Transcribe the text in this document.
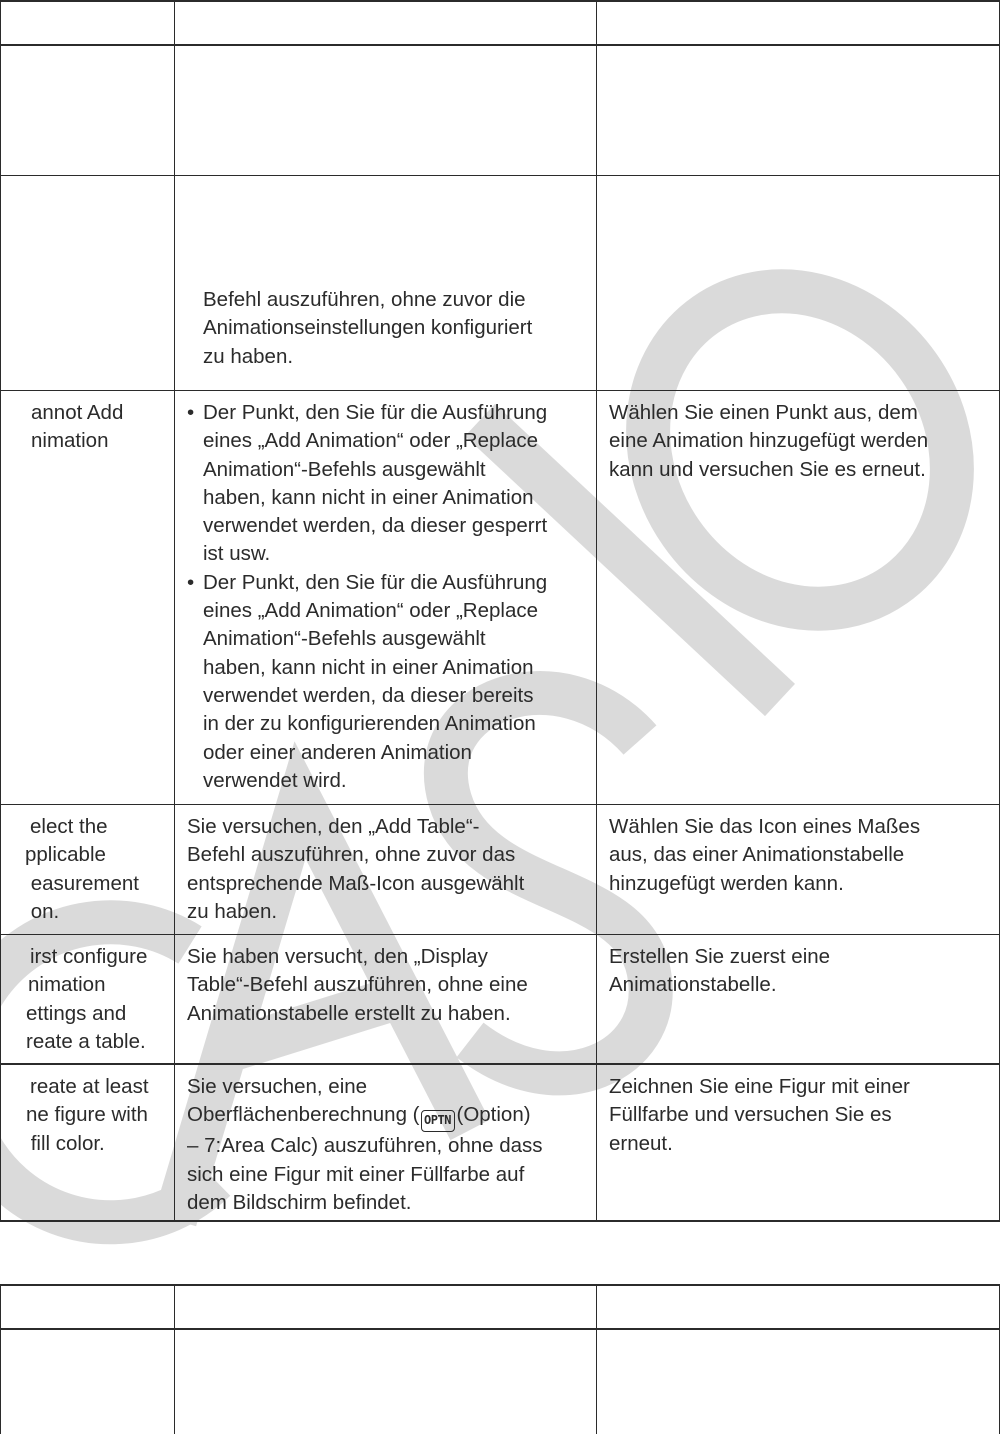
Befehl auszuführen, ohne zuvor die
Animationseinstellungen konfiguriert
zu haben.
annot Add
nimation
• Der Punkt, den Sie für die Ausführung
eines „Add Animation“ oder „Replace
Animation“-Befehls ausgewählt
haben, kann nicht in einer Animation
verwendet werden, da dieser gesperrt
ist usw.
• Der Punkt, den Sie für die Ausführung
eines „Add Animation“ oder „Replace
Animation“-Befehls ausgewählt
haben, kann nicht in einer Animation
verwendet werden, da dieser bereits
in der zu konfigurierenden Animation
oder einer anderen Animation
verwendet wird.
Wählen Sie einen Punkt aus, dem
eine Animation hinzugefügt werden
kann und versuchen Sie es erneut.
elect the
pplicable
easurement
on.
Sie versuchen, den „Add Table“-
Befehl auszuführen, ohne zuvor das
entsprechende Maß-Icon ausgewählt
zu haben.
Wählen Sie das Icon eines Maßes
aus, das einer Animationstabelle
hinzugefügt werden kann.
irst configure
nimation
ettings and
reate a table.
Sie haben versucht, den „Display
Table“-Befehl auszuführen, ohne eine
Animationstabelle erstellt zu haben.
Erstellen Sie zuerst eine
Animationstabelle.
reate at least
ne figure with
fill color.
Sie versuchen, eine
Oberflächenberechnung ( OPTN (Option)
– 7:Area Calc) auszuführen, ohne dass
sich eine Figur mit einer Füllfarbe auf
dem Bildschirm befindet.
Zeichnen Sie eine Figur mit einer
Füllfarbe und versuchen Sie es
erneut.
